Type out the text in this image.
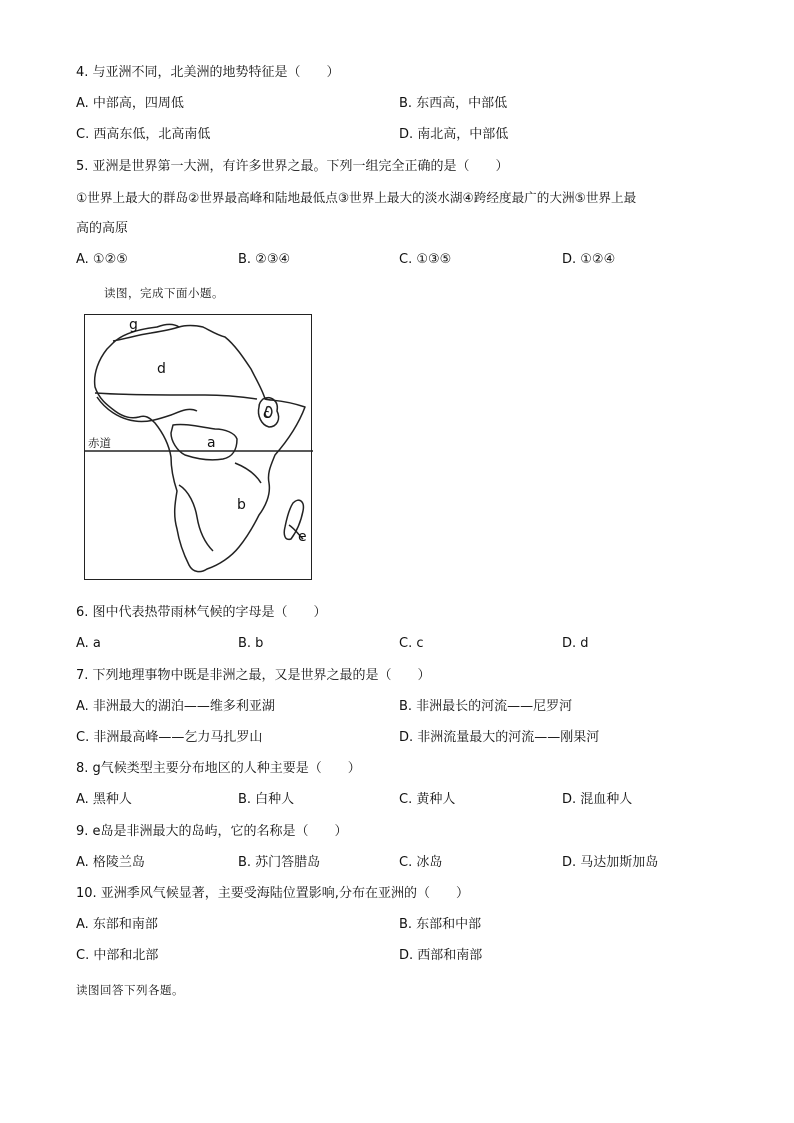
4. 与亚洲不同，北美洲的地势特征是（　　）
A. 中部高，四周低	B. 东西高，中部低
C. 西高东低，北高南低	D. 南北高，中部低
5. 亚洲是世界第一大洲，有许多世界之最。下列一组完全正确的是（　　）
①世界上最大的群岛②世界最高峰和陆地最低点③世界上最大的淡水湖④跨经度最广的大洲⑤世界上最
高的高原
A. ①②⑤	B. ②③④	C. ①③⑤	D. ①②④
读图，完成下面小题。
g
d
c
a
b
e
赤道
6. 图中代表热带雨林气候的字母是（　　）
A. a	B. b	C. c	D. d
7. 下列地理事物中既是非洲之最，又是世界之最的是（　　）
A. 非洲最大的湖泊——维多利亚湖	B. 非洲最长的河流——尼罗河
C. 非洲最高峰——乞力马扎罗山	D. 非洲流量最大的河流——刚果河
8. g气候类型主要分布地区的人种主要是（　　）
A. 黑种人	B. 白种人	C. 黄种人	D. 混血种人
9. e岛是非洲最大的岛屿，它的名称是（　　）
A. 格陵兰岛	B. 苏门答腊岛	C. 冰岛	D. 马达加斯加岛
10. 亚洲季风气候显著，主要受海陆位置影响,分布在亚洲的（　　）
A. 东部和南部	B. 东部和中部
C. 中部和北部	D. 西部和南部
读图回答下列各题。
